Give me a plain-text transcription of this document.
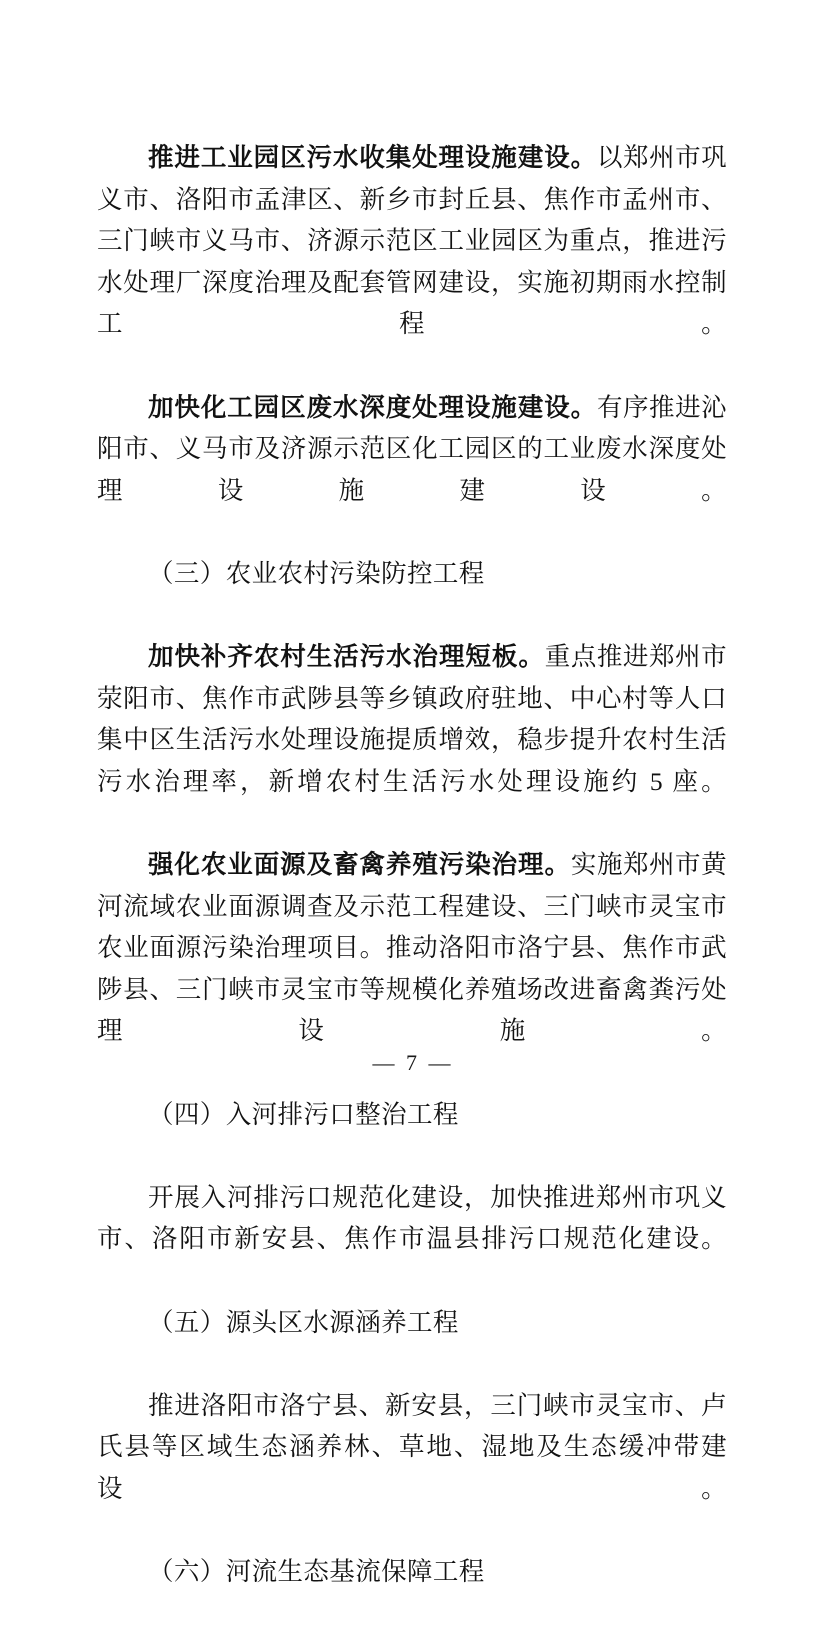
推进工业园区污水收集处理设施建设。以郑州市巩义市、洛阳市孟津区、新乡市封丘县、焦作市孟州市、三门峡市义马市、济源示范区工业园区为重点，推进污水处理厂深度治理及配套管网建设，实施初期雨水控制工程。

加快化工园区废水深度处理设施建设。有序推进沁阳市、义马市及济源示范区化工园区的工业废水深度处理设施建设。

（三）农业农村污染防控工程

加快补齐农村生活污水治理短板。重点推进郑州市荥阳市、焦作市武陟县等乡镇政府驻地、中心村等人口集中区生活污水处理设施提质增效，稳步提升农村生活污水治理率，新增农村生活污水处理设施约 5 座。

强化农业面源及畜禽养殖污染治理。实施郑州市黄河流域农业面源调查及示范工程建设、三门峡市灵宝市农业面源污染治理项目。推动洛阳市洛宁县、焦作市武陟县、三门峡市灵宝市等规模化养殖场改进畜禽粪污处理设施。

（四）入河排污口整治工程

开展入河排污口规范化建设，加快推进郑州市巩义市、洛阳市新安县、焦作市温县排污口规范化建设。

（五）源头区水源涵养工程

推进洛阳市洛宁县、新安县，三门峡市灵宝市、卢氏县等区域生态涵养林、草地、湿地及生态缓冲带建设。

（六）河流生态基流保障工程

— 7 —
